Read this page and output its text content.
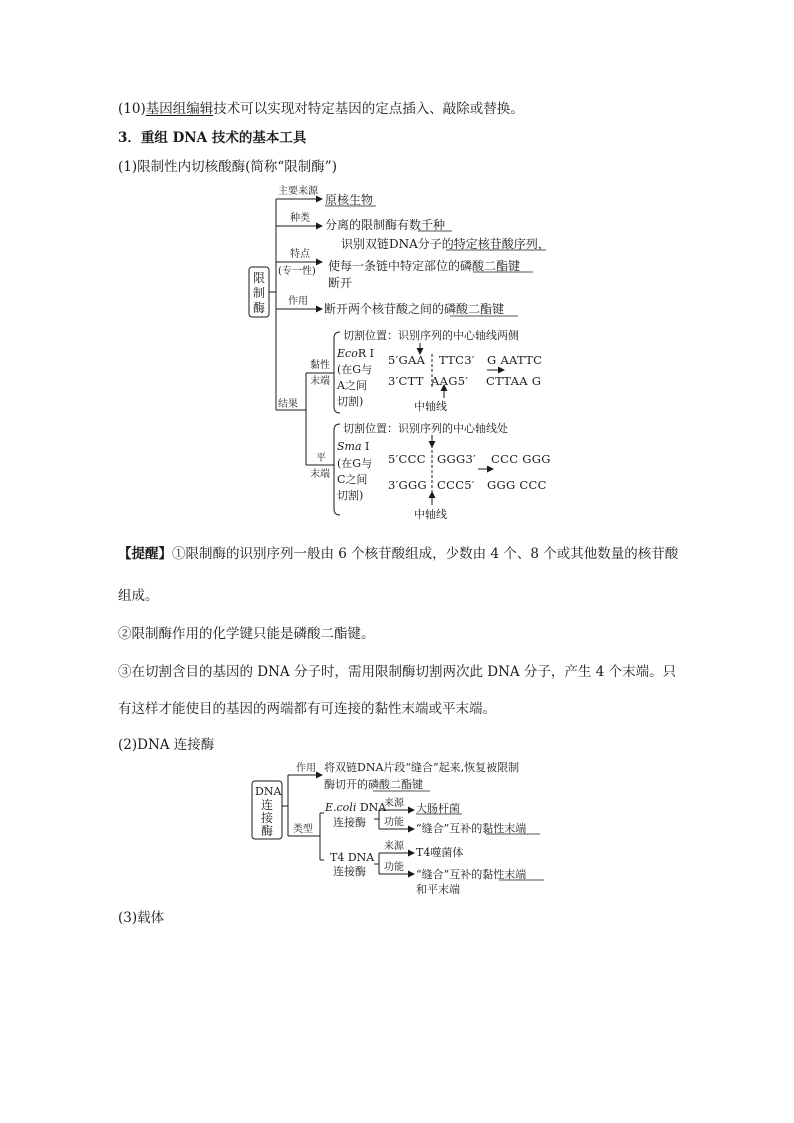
(10)基因组编辑技术可以实现对特定基因的定点插入、敲除或替换。
3．重组 DNA 技术的基本工具
(1)限制性内切核酸酶(简称“限制酶”)
【提醒】①限制酶的识别序列一般由 6 个核苷酸组成，少数由 4 个、8 个或其他数量的核苷酸
组成。
②限制酶作用的化学键只能是磷酸二酯键。
③在切割含目的基因的 DNA 分子时，需用限制酶切割两次此 DNA 分子，产生 4 个末端。只
有这样才能使目的基因的两端都有可连接的黏性末端或平末端。
(2)DNA 连接酶
(3)载体
限
制
酶
主要来源
原核生物
种类 分离的限制酶有数千种
特点
(专一性)
识别双链DNA分子的特定核苷酸序列，
使每一条链中特定部位的磷酸二酯键
断开
作用
断开两个核苷酸之间的磷酸二酯键
结果
黏性
末端
切割位置：识别序列的中心轴线两侧
EcoR Ⅰ
(在G与
A之间
切割)
5′GAA TTC3′ G AATTC
3′CTT AAG5′ CTTAA G
中轴线
平
末端
切割位置：识别序列的中心轴线处
Sma Ⅰ
(在G与
C之间
切割)
5′CCC GGG3′ CCC GGG
3′GGG CCC5′ GGG CCC
中轴线
DNA
连
接
酶
作用 将双链DNA片段“缝合”起来,恢复被限制
酶切开的磷酸二酯键
类型
E.coli DNA
连接酶
来源 大肠杆菌
功能 “缝合”互补的黏性末端
T4 DNA
连接酶
来源 T4噬菌体
功能
“缝合”互补的黏性末端
和平末端
